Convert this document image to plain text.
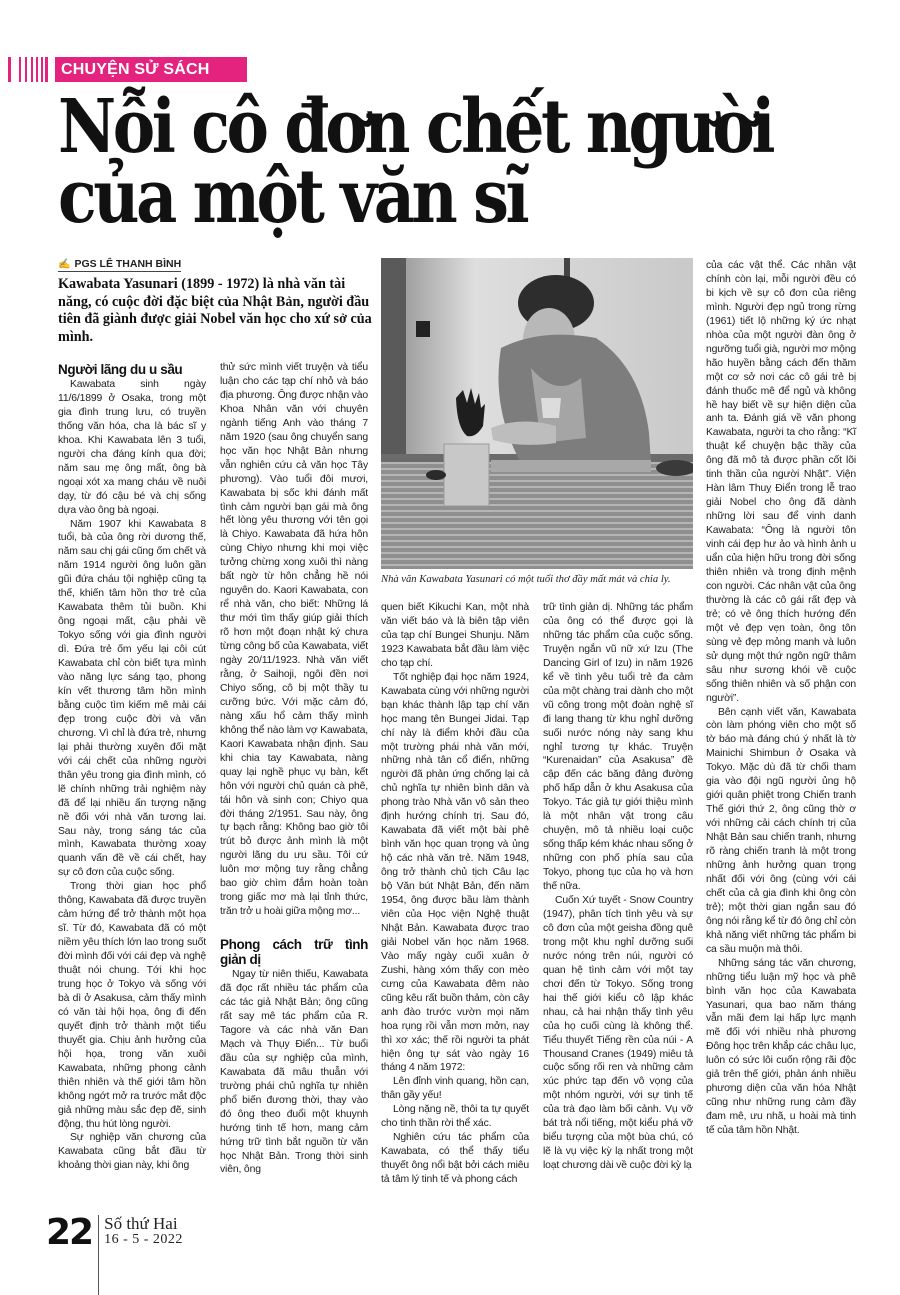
CHUYỆN SỬ SÁCH
Nỗi cô đơn chết người
của một văn sĩ
✍ PGS LÊ THANH BÌNH
Kawabata Yasunari (1899 - 1972) là nhà văn tài năng, có cuộc đời đặc biệt của Nhật Bản, người đầu tiên đã giành được giải Nobel văn học cho xứ sở của mình.
Người lãng du u sầu

Kawabata sinh ngày 11/6/1899 ở Osaka, trong một gia đình trung lưu, có truyền thống văn hóa, cha là bác sĩ y khoa. Khi Kawabata lên 3 tuổi, người cha đáng kính qua đời; năm sau mẹ ông mất, ông bà ngoại xót xa mang cháu về nuôi dạy, từ đó cậu bé và chị sống dựa vào ông bà ngoại.

Năm 1907 khi Kawabata 8 tuổi, bà của ông rời dương thế, năm sau chị gái cũng ốm chết và năm 1914 người ông luôn gần gũi đứa cháu tội nghiệp cũng tạ thế, khiến tâm hồn thơ trẻ của Kawabata thêm tủi buồn. Khi ông ngoại mất, cậu phải về Tokyo sống với gia đình người dì. Đứa trẻ ốm yếu lại côi cút Kawabata chỉ còn biết tựa mình vào năng lực sáng tạo, phong kín vết thương tâm hồn mình bằng cuộc tìm kiếm mê mải cái đẹp trong cuộc đời và văn chương. Vì chỉ là đứa trẻ, nhưng lại phải thường xuyên đối mặt với cái chết của những người thân yêu trong gia đình mình, có lẽ chính những trải nghiệm này đã để lại nhiều ấn tượng nặng nề đối với nhà văn tương lai. Sau này, trong sáng tác của mình, Kawabata thường xoay quanh vấn đề về cái chết, hay sự cô đơn của cuộc sống.

Trong thời gian học phổ thông, Kawabata đã được truyền cảm hứng để trở thành một họa sĩ. Từ đó, Kawabata đã có một niềm yêu thích lớn lao trong suốt đời mình đối với cái đẹp và nghệ thuật nói chung. Tới khi học trung học ở Tokyo và sống với bà dì ở Asakusa, cảm thấy mình có văn tài hội họa, ông đi đến quyết định trở thành một tiểu thuyết gia. Chịu ảnh hưởng của hội họa, trong văn xuôi Kawabata, những phong cảnh thiên nhiên và thế giới tâm hồn không ngớt mở ra trước mắt độc giả những màu sắc đẹp đẽ, sinh động, thu hút lòng người.

Sự nghiệp văn chương của Kawabata cũng bắt đầu từ khoảng thời gian này, khi ông

thử sức mình viết truyện và tiểu luận cho các tạp chí nhỏ và báo địa phương. Ông được nhận vào Khoa Nhân văn với chuyên ngành tiếng Anh vào tháng 7 năm 1920 (sau ông chuyển sang học văn học Nhật Bản nhưng vẫn nghiên cứu cả văn học Tây phương). Vào tuổi đôi mươi, Kawabata bị sốc khi đánh mất tình cảm người bạn gái mà ông hết lòng yêu thương với tên gọi là Chiyo. Kawabata đã hứa hôn cùng Chiyo nhưng khi mọi việc tưởng chừng xong xuôi thì nàng bất ngờ từ hôn chẳng hề nói nguyên do. Kaori Kawabata, con rể nhà văn, cho biết: Những lá thư mới tìm thấy giúp giải thích rõ hơn một đoạn nhật ký chưa từng công bố của Kawabata, viết ngày 20/11/1923. Nhà văn viết rằng, ở Saihoji, ngôi đền nơi Chiyo sống, cô bị một thầy tu cưỡng bức. Với mặc cảm đó, nàng xấu hổ cảm thấy mình không thể nào làm vợ Kawabata, Kaori Kawabata nhận định. Sau khi chia tay Kawabata, nàng quay lại nghề phục vụ bàn, kết hôn với người chủ quán cà phê, tái hôn và sinh con; Chiyo qua đời tháng 2/1951. Sau này, ông tự bạch rằng: Không bao giờ tôi trút bỏ được ảnh mình là một người lãng du ưu sầu. Tôi cứ luôn mơ mộng tuy rằng chẳng bao giờ chìm đắm hoàn toàn trong giấc mơ mà lại tỉnh thức, trăn trở u hoài giữa mộng mơ...

Phong cách trữ tình giản dị

Ngay từ niên thiếu, Kawabata đã đọc rất nhiều tác phẩm của các tác giả Nhật Bản; ông cũng rất say mê tác phẩm của R. Tagore và các nhà văn Đan Mạch và Thụy Điển... Từ buổi đầu của sự nghiệp của mình, Kawabata đã mâu thuẫn với trường phái chủ nghĩa tự nhiên phổ biến đương thời, thay vào đó ông theo đuổi một khuynh hướng tinh tế hơn, mang cảm hứng trữ tình bắt nguồn từ văn học Nhật Bản. Trong thời sinh viên, ông

Nhà văn Kawabata Yasunari có một tuổi thơ đầy mất mát và chia ly.

quen biết Kikuchi Kan, một nhà văn viết báo và là biên tập viên của tạp chí Bungei Shunju. Năm 1923 Kawabata bắt đầu làm việc cho tạp chí.

Tốt nghiệp đại học năm 1924, Kawabata cùng với những người bạn khác thành lập tạp chí văn học mang tên Bungei Jidai. Tạp chí này là điểm khởi đầu của một trường phái nhà văn mới, những nhà tân cổ điển, những người đã phản ứng chống lại cả chủ nghĩa tự nhiên bình dân và phong trào Nhà văn vô sản theo định hướng chính trị. Sau đó, Kawabata đã viết một bài phê bình văn học quan trọng và ủng hộ các nhà văn trẻ. Năm 1948, ông trở thành chủ tịch Câu lạc bộ Văn bút Nhật Bản, đến năm 1954, ông được bầu làm thành viên của Học viện Nghệ thuật Nhật Bản. Kawabata được trao giải Nobel văn học năm 1968. Vào mấy ngày cuối xuân ở Zushi, hàng xóm thấy con mèo cưng của Kawabata đêm nào cũng kêu rất buồn thảm, còn cây anh đào trước vườn mọi năm hoa rụng rồi vẫn mơn mởn, nay thì xơ xác; thế rồi người ta phát hiện ông tự sát vào ngày 16 tháng 4 năm 1972:

Lên đỉnh vinh quang, hồn cạn, thân gầy yếu!

Lòng nặng nề, thôi ta tự quyết cho tinh thần rời thể xác.

Nghiên cứu tác phẩm của Kawabata, có thể thấy tiểu thuyết ông nổi bật bởi cách miêu tả tâm lý tinh tế và phong cách

trữ tình giản dị. Những tác phẩm của ông có thể được gọi là những tác phẩm của cuộc sống. Truyện ngắn vũ nữ xứ Izu (The Dancing Girl of Izu) in năm 1926 kể về tình yêu tuổi trẻ đa cảm của một chàng trai dành cho một vũ công trong một đoàn nghệ sĩ đi lang thang từ khu nghỉ dưỡng suối nước nóng này sang khu nghỉ tương tự khác. Truyện “Kurenaidan” của Asakusa” đề cập đến các băng đảng đường phố hấp dẫn ở khu Asakusa của Tokyo. Tác giả tự giới thiệu mình là một nhân vật trong câu chuyện, mô tả nhiều loại cuộc sống thấp kém khác nhau sống ở những con phố phía sau của Tokyo, phong tục của họ và hơn thế nữa.

Cuốn Xứ tuyết - Snow Country (1947), phân tích tình yêu và sự cô đơn của một geisha đồng quê trong một khu nghỉ dưỡng suối nước nóng trên núi, người có quan hệ tình cảm với một tay chơi đến từ Tokyo. Sống trong hai thế giới kiểu cô lập khác nhau, cả hai nhận thấy tình yêu của họ cuối cùng là không thể. Tiểu thuyết Tiếng rền của núi - A Thousand Cranes (1949) miêu tả cuộc sống rối ren và những cảm xúc phức tạp đến vô vọng của một nhóm người, với sự tinh tế của trà đạo làm bối cảnh. Vụ vỡ bát trà nổi tiếng, một kiểu phá vỡ biểu tượng của một bùa chú, có lẽ là vụ việc kỳ lạ nhất trong một loạt chương dài về cuộc đời kỳ lạ

của các vật thể. Các nhân vật chính còn lại, mỗi người đều có bi kịch về sự cô đơn của riêng mình. Người đẹp ngủ trong rừng (1961) tiết lộ những ký ức nhạt nhòa của một người đàn ông ở ngưỡng tuổi già, người mơ mộng hão huyền bằng cách đến thăm một cơ sở nơi các cô gái trẻ bị đánh thuốc mê để ngủ và không hề hay biết về sự hiện diện của anh ta. Đánh giá về văn phong Kawabata, người ta cho rằng: “Kĩ thuật kể chuyện bậc thầy của ông đã mô tả được phần cốt lõi tinh thần của người Nhật”. Viện Hàn lâm Thuỵ Điển trong lễ trao giải Nobel cho ông đã dành những lời sau để vinh danh Kawabata: “Ông là người tôn vinh cái đẹp hư ảo và hình ảnh u uẩn của hiện hữu trong đời sống thiên nhiên và trong định mệnh con người. Các nhân vật của ông thường là các cô gái rất đẹp và trẻ; có vẻ ông thích hướng đến một vẻ đẹp vẹn toàn, ông tôn sùng vẻ đẹp mỏng manh và luôn sử dụng một thứ ngôn ngữ thâm sâu như sương khói về cuộc sống thiên nhiên và số phận con người”.

Bên cạnh viết văn, Kawabata còn làm phóng viên cho một số tờ báo mà đáng chú ý nhất là tờ Mainichi Shimbun ở Osaka và Tokyo. Mặc dù đã từ chối tham gia vào đội ngũ người ủng hộ giới quân phiệt trong Chiến tranh Thế giới thứ 2, ông cũng thờ ơ với những cải cách chính trị của Nhật Bản sau chiến tranh, nhưng rõ ràng chiến tranh là một trong những ảnh hưởng quan trọng nhất đối với ông (cùng với cái chết của cả gia đình khi ông còn trẻ); một thời gian ngắn sau đó ông nói rằng kể từ đó ông chỉ còn khả năng viết những tác phẩm bi ca sầu muộn mà thôi.

Những sáng tác văn chương, những tiểu luận mỹ học và phê bình văn học của Kawabata Yasunari, qua bao năm tháng vẫn mãi đem lại hấp lực mạnh mẽ đối với nhiều nhà phương Đông học trên khắp các châu lục, luôn có sức lôi cuốn rộng rãi độc giả trên thế giới, phản ánh nhiều phương diện của văn hóa Nhật cũng như những rung cảm đầy đam mê, ưu nhã, u hoài mà tinh tế của tâm hồn Nhật.

22 Số thứ Hai
16 - 5 - 2022
